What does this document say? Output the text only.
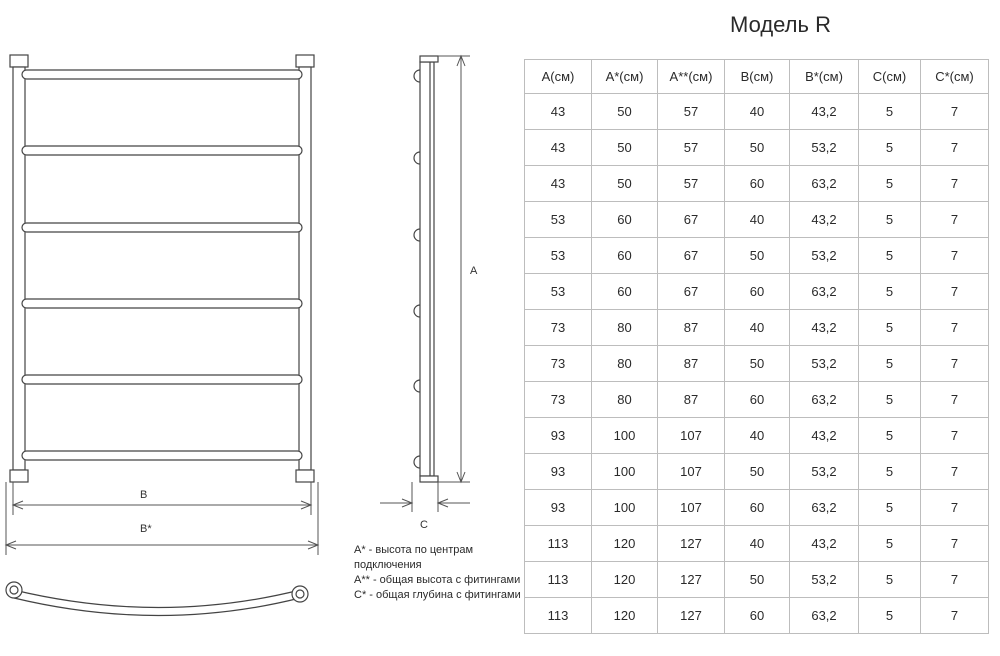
Модель R
B
B*
A
C
A* - высота по центрам подключения
A** - общая высота с фитингами
C* - общая глубина с фитингами
A(см)	A*(см)	A**(см)	B(см)	B*(см)	C(см)	C*(см)
43	50	57	40	43,2	5	7
43	50	57	50	53,2	5	7
43	50	57	60	63,2	5	7
53	60	67	40	43,2	5	7
53	60	67	50	53,2	5	7
53	60	67	60	63,2	5	7
73	80	87	40	43,2	5	7
73	80	87	50	53,2	5	7
73	80	87	60	63,2	5	7
93	100	107	40	43,2	5	7
93	100	107	50	53,2	5	7
93	100	107	60	63,2	5	7
113	120	127	40	43,2	5	7
113	120	127	50	53,2	5	7
113	120	127	60	63,2	5	7
